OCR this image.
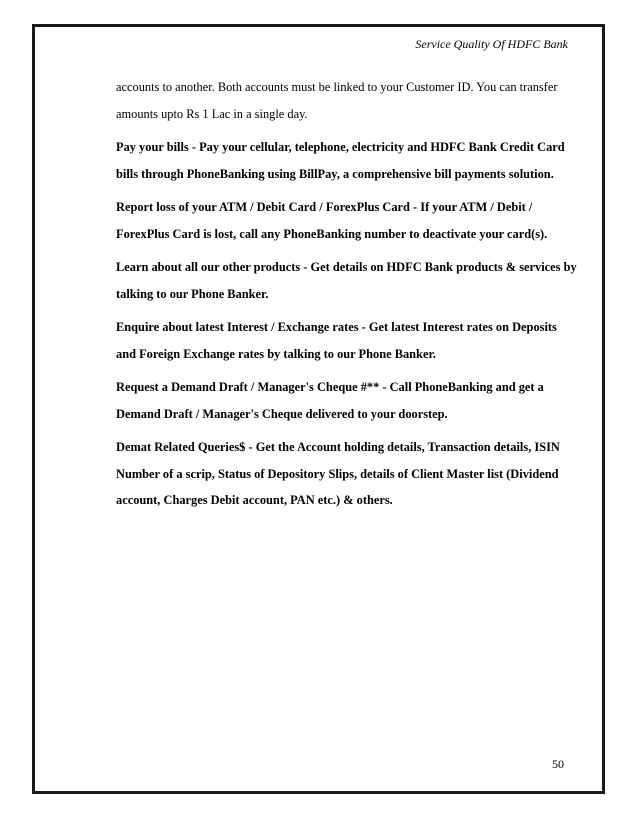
Service Quality Of HDFC Bank

accounts to another. Both accounts must be linked to your Customer ID. You can transfer amounts upto Rs 1 Lac in a single day.

Pay your bills - Pay your cellular, telephone, electricity and HDFC Bank Credit Card bills through PhoneBanking using BillPay, a comprehensive bill payments solution.

Report loss of your ATM / Debit Card / ForexPlus Card - If your ATM / Debit / ForexPlus Card is lost, call any PhoneBanking number to deactivate your card(s).

Learn about all our other products - Get details on HDFC Bank products & services by talking to our Phone Banker.

Enquire about latest Interest / Exchange rates - Get latest Interest rates on Deposits and Foreign Exchange rates by talking to our Phone Banker.

Request a Demand Draft / Manager's Cheque #** - Call PhoneBanking and get a Demand Draft / Manager's Cheque delivered to your doorstep.

Demat Related Queries$ - Get the Account holding details, Transaction details, ISIN Number of a scrip, Status of Depository Slips, details of Client Master list (Dividend account, Charges Debit account, PAN etc.) & others.

50
